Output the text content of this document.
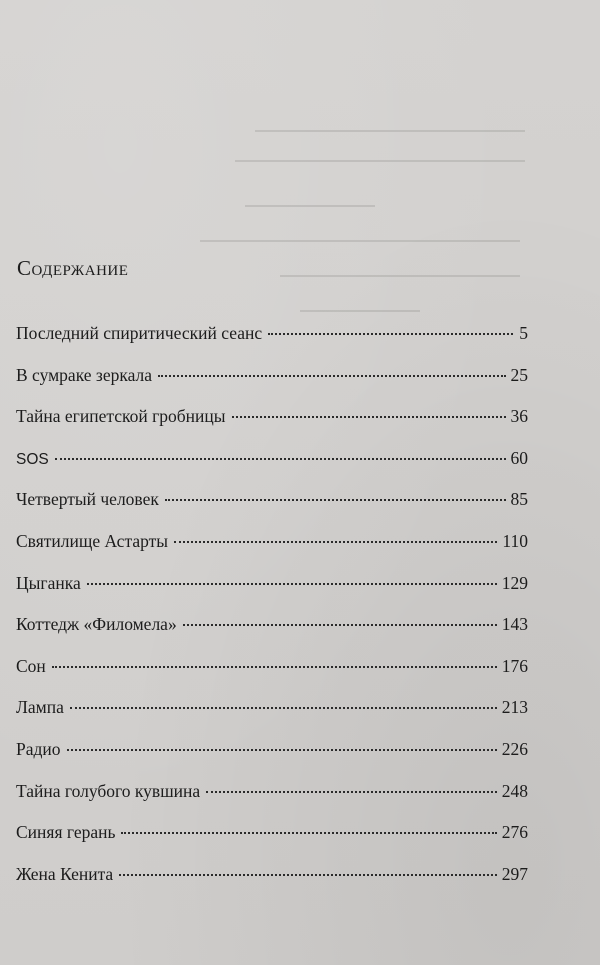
Содержание
Последний спиритический сеанс	5
В сумраке зеркала	25
Тайна египетской гробницы	36
SOS	60
Четвертый человек	85
Святилище Астарты	110
Цыганка	129
Коттедж «Филомела»	143
Сон	176
Лампа	213
Радио	226
Тайна голубого кувшина	248
Синяя герань	276
Жена Кенита	297
